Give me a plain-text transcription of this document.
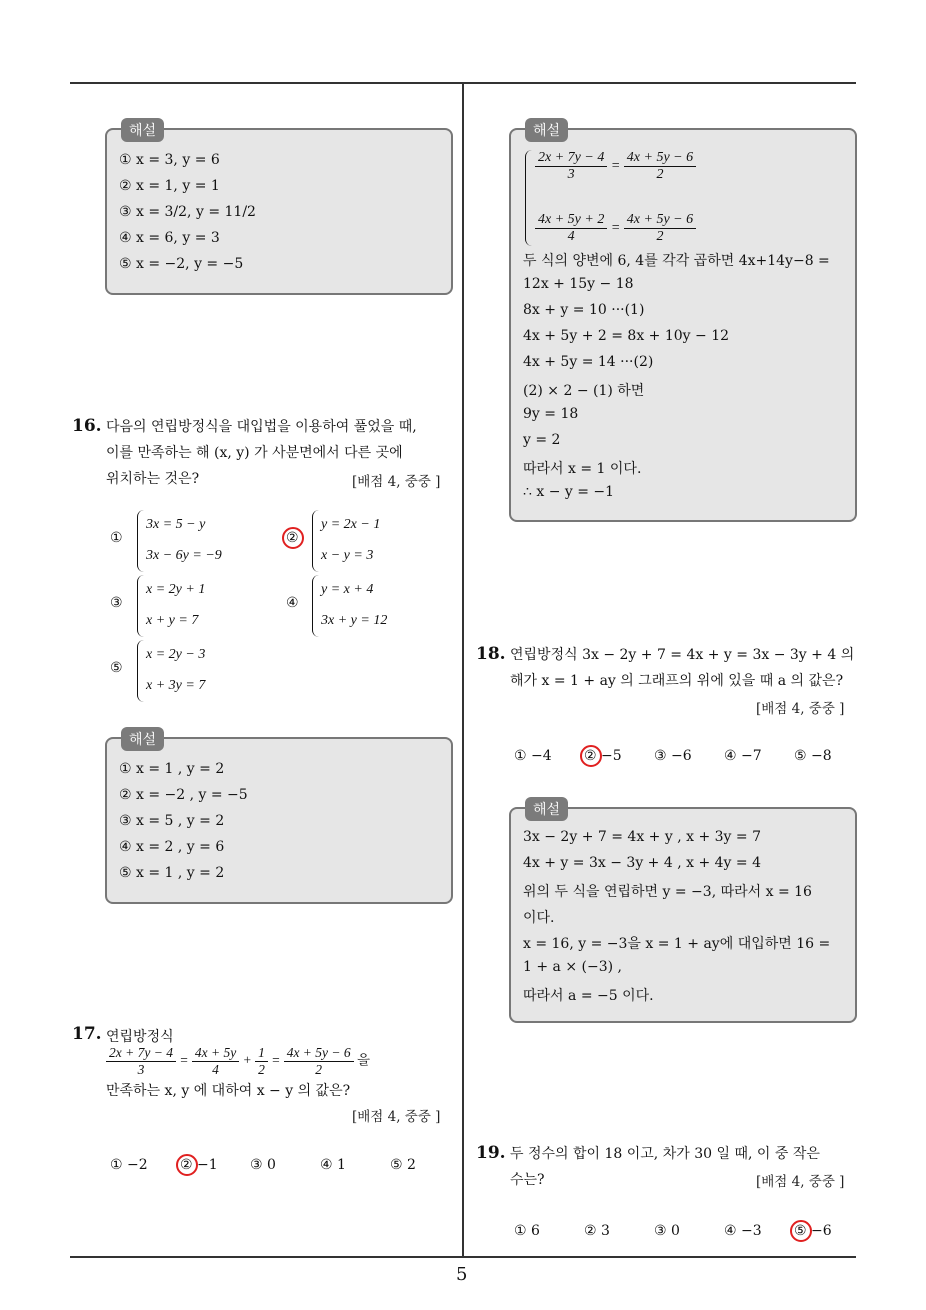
5
해설
① x = 3, y = 6
② x = 1, y = 1
③ x = 3/2, y = 11/2
④ x = 6, y = 3
⑤ x = −2, y = −5
16. 다음의 연립방정식을 대입법을 이용하여 풀었을 때,
이를 만족하는 해 (x, y) 가 사분면에서 다른 곳에
위치하는 것은?	[배점 4, 중중 ]
①
3x = 5 − y
3x − 6y = −9
②
y = 2x − 1
x − y = 3
③
x = 2y + 1
x + y = 7
④
y = x + 4
3x + y = 12
⑤
x = 2y − 3
x + 3y = 7
해설
① x = 1 , y = 2
② x = −2 , y = −5
③ x = 5 , y = 2
④ x = 2 , y = 6
⑤ x = 1 , y = 2
17. 연립방정식
$\frac{2x + 7y - 4}{3} = \frac{4x + 5y}{4} + \frac{1}{2} = \frac{4x + 5y - 6}{2}$ 을
만족하는 x, y 에 대하여 x − y 의 값은?
[배점 4, 중중 ]
① −2 ② −1 ③ 0	④ 1	⑤ 2
해설
$\frac{2x + 7y - 4}{3} = \frac{4x + 5y - 6}{2}$
$\frac{4x + 5y + 2}{4} = \frac{4x + 5y - 6}{2}$
두 식의 양변에 6, 4를 각각 곱하면 4x+14y−8 =
12x + 15y − 18
8x + y = 10 ···(1)
4x + 5y + 2 = 8x + 10y − 12
4x + 5y = 14 ···(2)
(2) × 2 − (1) 하면
9y = 18
y = 2
따라서 x = 1 이다.
∴ x − y = −1
18. 연립방정식 3x − 2y + 7 = 4x + y = 3x − 3y + 4 의
해가 x = 1 + ay 의 그래프의 위에 있을 때 a 의 값은?
[배점 4, 중중 ]
① −4 ② −5 ③ −6 ④ −7 ⑤ −8
해설
3x − 2y + 7 = 4x + y , x + 3y = 7
4x + y = 3x − 3y + 4 , x + 4y = 4
위의 두 식을 연립하면 y = −3, 따라서 x = 16
이다.
x = 16, y = −3을 x = 1 + ay에 대입하면 16 =
1 + a × (−3) ,
따라서 a = −5 이다.
19. 두 정수의 합이 18 이고, 차가 30 일 때, 이 중 작은
수는?	[배점 4, 중중 ]
① 6	② 3	③ 0	④ −3 ⑤ −6
